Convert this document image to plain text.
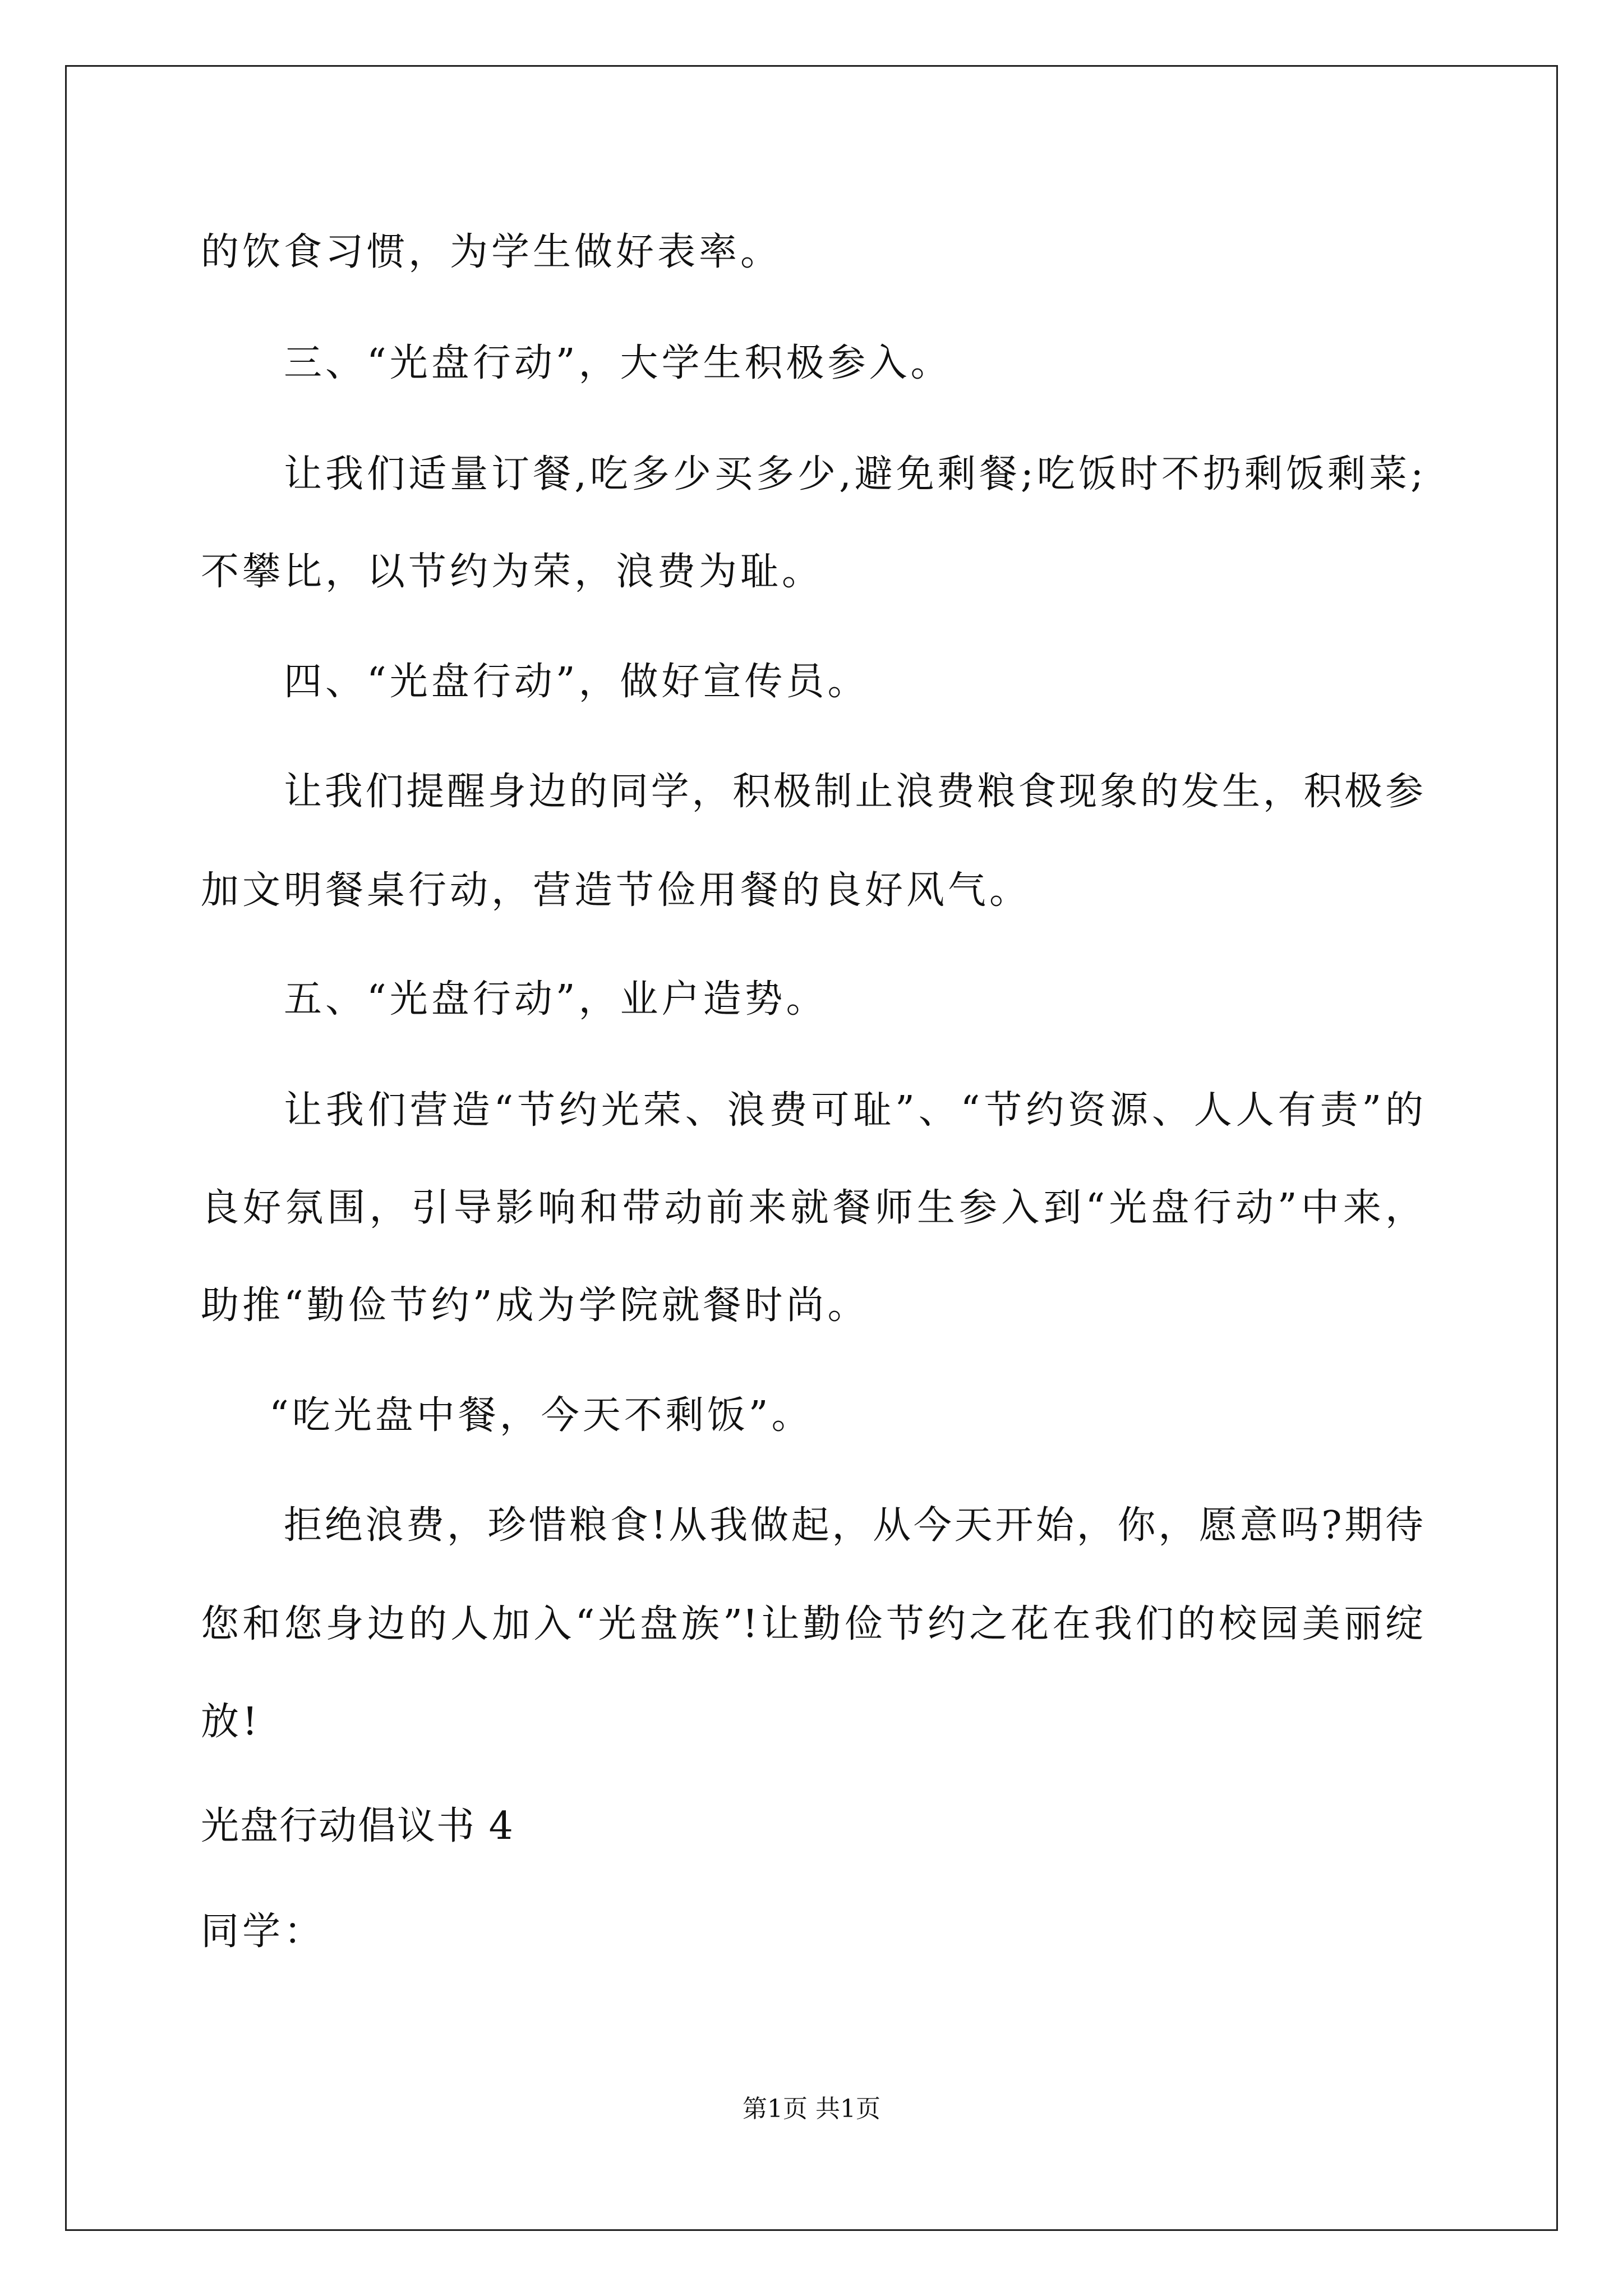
的饮食习惯，为学生做好表率。
三、“光盘行动”，大学生积极参入。
让我们适量订餐,吃多少买多少,避免剩餐;吃饭时不扔剩饭剩菜;
不攀比，以节约为荣，浪费为耻。
四、“光盘行动”，做好宣传员。
让我们提醒身边的同学，积极制止浪费粮食现象的发生，积极参
加文明餐桌行动，营造节俭用餐的良好风气。
五、“光盘行动”，业户造势。
让我们营造“节约光荣、浪费可耻”、“节约资源、人人有责”的
良好氛围，引导影响和带动前来就餐师生参入到“光盘行动”中来，
助推“勤俭节约”成为学院就餐时尚。
“吃光盘中餐，今天不剩饭”。
拒绝浪费，珍惜粮食!从我做起，从今天开始，你，愿意吗?期待
您和您身边的人加入“光盘族”!让勤俭节约之花在我们的校园美丽绽
放!
光盘行动倡议书 4
同学：
第1页 共1页
